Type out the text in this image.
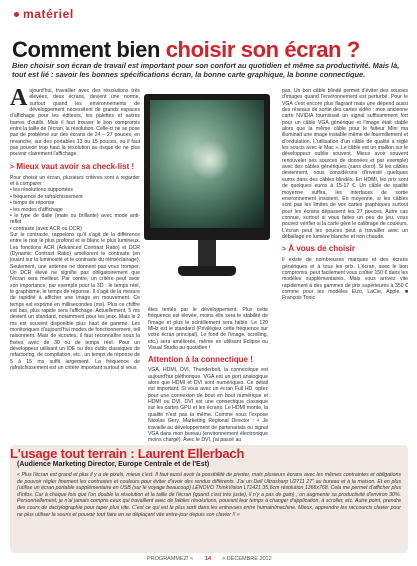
matériel
Comment bien choisir son écran ?
Bien choisir son écran de travail est important pour son confort au quotidien et même sa productivité. Mais là, tout est lié : savoir les bonnes spécifications écran, la bonne carte graphique, la bonne connectique.

Aujourd'hui, travailler avec des résolutions très élevées, deux écrans, devient une norme, surtout quand les environnements de développement nécessitent de grands espaces d'affichage pour les éditeurs, les palettes et autres barres d'outils. Mais il faut trouver le bon compromis entre la taille de l'écran, la résolution. Celle-ci ne se pose pas de problème sur des écrans de 24 – 27 pouces, en revanche, sur des portables 13 ou 15 pouces, ou il faut pas pouvoir trop haut la résolution au risque de ne plus pouvoir clairement l'affichage.

> Mieux vaut avoir sa check-list !

Pour choisir un écran, plusieurs critères sont à regarder et à comparer :

• les résolutions supportées
• fréquence de rafraîchissement
• temps de réponse
• les modes d'affichage
• le type de dalle (mate ou brillante) avec mode anti-reflet
• contraste (avec ACR ou DCR)

Sur le contraste, rappelons qu'il s'agit de la différence entre le noir le plus profond et le blanc le plus lumineux. Les fonctions ACR (Advanced Contrast Ratio) et DCR (Dynamic Contrast Ratio) améliorent le contraste (en jouant sur la luminosité et le contraste du rétroéclairage). Seulement, une antenne ne donnent pas vous tromper. Un DCR élevé ne signifie pas obligatoirement que l'écran sera meilleur. Par contre, un critère peut avoir son importance, par exemple pour la 3D : le temps réel, le graphisme, le temps de réponse. Il s'agit de la mesure de rapidité à afficher une image en mouvement. Ce temps est exprimé en millisecondes (ms). Plus ce chiffre est bas, plus rapide sera l'affichage. Actuellement, 5 ms devient un standard, notamment pour les jeux. Mais le 2 ms est souvent disponible plus haut de gamme. Les monitoriques d'aujourd'hui modes de fonctionnement, tell raisonnent. Mais de écoutes, il faut reconnaître sous la fixées avec de 30 ou de temps réel. Pour un développeur utilisant un IDE ou des outils classiques de refactoring, de compilation, etc., un temps de réponse de 5 à 15 ms suffit largement. La fréquence de rafraîchissement est un critère important surtout si vous

êtes tentés par le développement. Plus cette fréquence est élevée, moins elle sera le stabilité de l'image et plus le scintillement sera faible. Le 120 MHz est le standard (Privilégiez cette fréquence sur votre écran principal). Le fond de l'image, scrolling, etc.) sera améliorée, même en utilisant Eclipse ou Visual Studio au quotidien !

Attention à la connectique !

VGA, HDMI, DVI, Thunderbolt, la connectique est aujourd'hui pléthorique. VGA est un port analogique alors que HDMI et DVI sont numériques. Ce détail est important. Si vous avez un écran Full HD, optez pour une connexion de bout en bout numérique et HDMI ou DVI. DVI est une connectique classique sur les cartes GPU et les écrans. Le HDMI monte, la qualité n'est pas la même. Comme nous l'expose Nicolas Gery, Marketing Regional Director : « Je travaille au développement de partenariats ou signal VGA dans mon bureau (environnement électronique moins chargé). Avec le DVI, j'ai passé au

pas. Un bon câble blindé permet d'éviter des soucies d'images quand l'environnement est perturbé. Pour le VGA c'est encore plus flagrant mais une dépend aussi des réseaux de sortie des cartes vidéo : mon ancienne carte NVIDIA fournissait un signal suffisamment fort pour un câble VGA générique et l'image était stable alors que la même câble pour le faiteur Mini ma illuminait une image instable même de fourmillement et d'ondulation. L'utilisation d'un câble de qualité a réglé les soucis avec le Mac ». Le câble est un maillon sur le développeur oublie souvent. Mieux avoir souvent renouveler ses sources de données et par exemple) avec des câbles génériques (sans cloro). Si les câbles deviennent, nous considérons d'investir quelques euros dans des câbles blindés. En HDMI, les prix sont de quelques euros à 15-17 €. Un câble de qualité moyenne suffira, les interfaces de sortie environnement insistent. En moyenne, si les câbles sont pas les limites de vos cartes graphiques surtout pour les écrans dépassent les 27 pouces. Autre cas connue, surtout si vous faites un peu de jeu, vous pouvez vérifier si la carte gère le calibrage de couleurs. L'écran peut les pouces peut à travailler avec un déballage en lumière blanche et non chaude.

> À vous de choisir

Il existe de nombreuses marques et des écrans génériques et à tous les prix. L'écran, avec le bon compromis, peut facilement vous coûter 150 € dans les modèles supplémentaires. Mais vous arrivez vite rapidement à des gammes de prix supérieures à 350 € comme pour les modèles Eizo, LaCie, Apple. ■ François Tonic

L'usage tout terrain : Laurent Ellerbach
(Audience Marketing Director, Europe Centrale et de l'Est)
« Plus l'écran est grand et plus il y a de pixels, mieux c'est. Il faut aussi avoir la possibilité de pivoter, mais plusieurs écrans avec les mêmes contraintes et obligations de pouvoir régler finement les contrastes et couleurs pour éviter d'avoir des rendus différents. J'ai un Dell Ultrasharp U2711 27" au bureau et à la maison. Et en plus j'utilise un écran portable supplémentaire en USB (sur le voyage beaucoup) LENOVO ThinkVision LT1421 35,6cm résolution 1366x768. Cela me permet d'afficher plus d'infos. Car à chaque fois que l'on double la résolution et la taille de l'écran (quand c'est très juste), il n'y a pas de gain) ; on augmente sa productivité d'environ 30%. Personnellement, je n'ai jamais compris ceux qui travaillent avec de faibles résolutions, pouvant leur temps à changer d'application, à scroller, etc. Autre point, prendre des cours de dactylographie pour taper plus vite. C'est ce qui est le plus sorti dans les entrevues entre humain/machine. Mieux, apprendre les raccourcis clavier pour ne plus utiliser la souris et pouvoir tout faire en se déplaçant vite entre-jour depuis son clavier !! »
PROGRAMMEZ! < 14 > DÉCEMBRE 2012
